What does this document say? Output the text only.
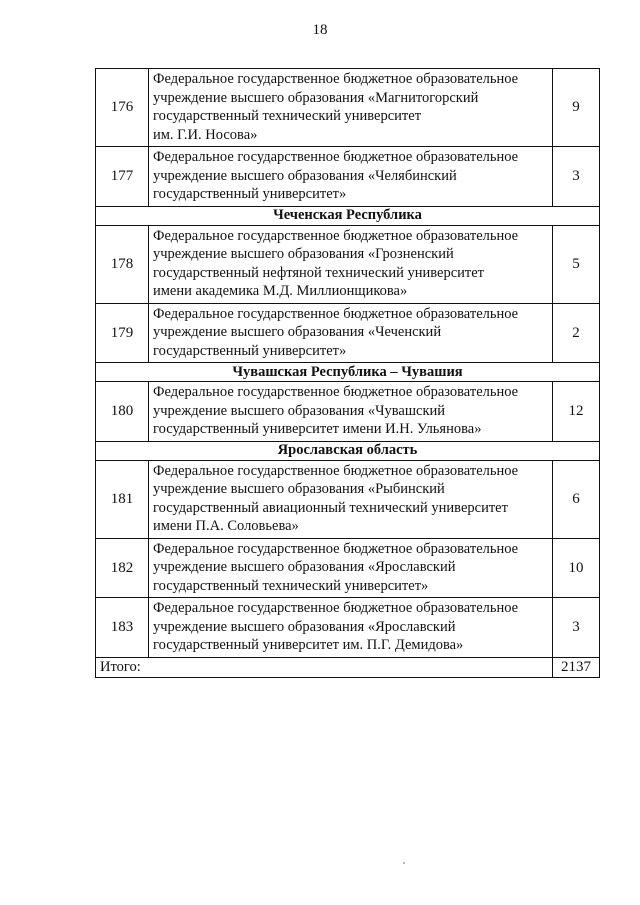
18
176	Федеральное государственное бюджетное образовательное
учреждение высшего образования «Магнитогорский
государственный технический университет
им. Г.И. Носова»	9
177	Федеральное государственное бюджетное образовательное
учреждение высшего образования «Челябинский
государственный университет»	3
Чеченская Республика		
178	Федеральное государственное бюджетное образовательное
учреждение высшего образования «Грозненский
государственный нефтяной технический университет
имени академика М.Д. Миллионщикова»	5
179	Федеральное государственное бюджетное образовательное
учреждение высшего образования «Чеченский
государственный университет»	2
Чувашская Республика – Чувашия		
180	Федеральное государственное бюджетное образовательное
учреждение высшего образования «Чувашский
государственный университет имени И.Н. Ульянова»	12
Ярославская область		
181	Федеральное государственное бюджетное образовательное
учреждение высшего образования «Рыбинский
государственный авиационный технический университет
имени П.А. Соловьева»	6
182	Федеральное государственное бюджетное образовательное
учреждение высшего образования «Ярославский
государственный технический университет»	10
183	Федеральное государственное бюджетное образовательное
учреждение высшего образования «Ярославский
государственный университет им. П.Г. Демидова»	3
Итого:		2137
